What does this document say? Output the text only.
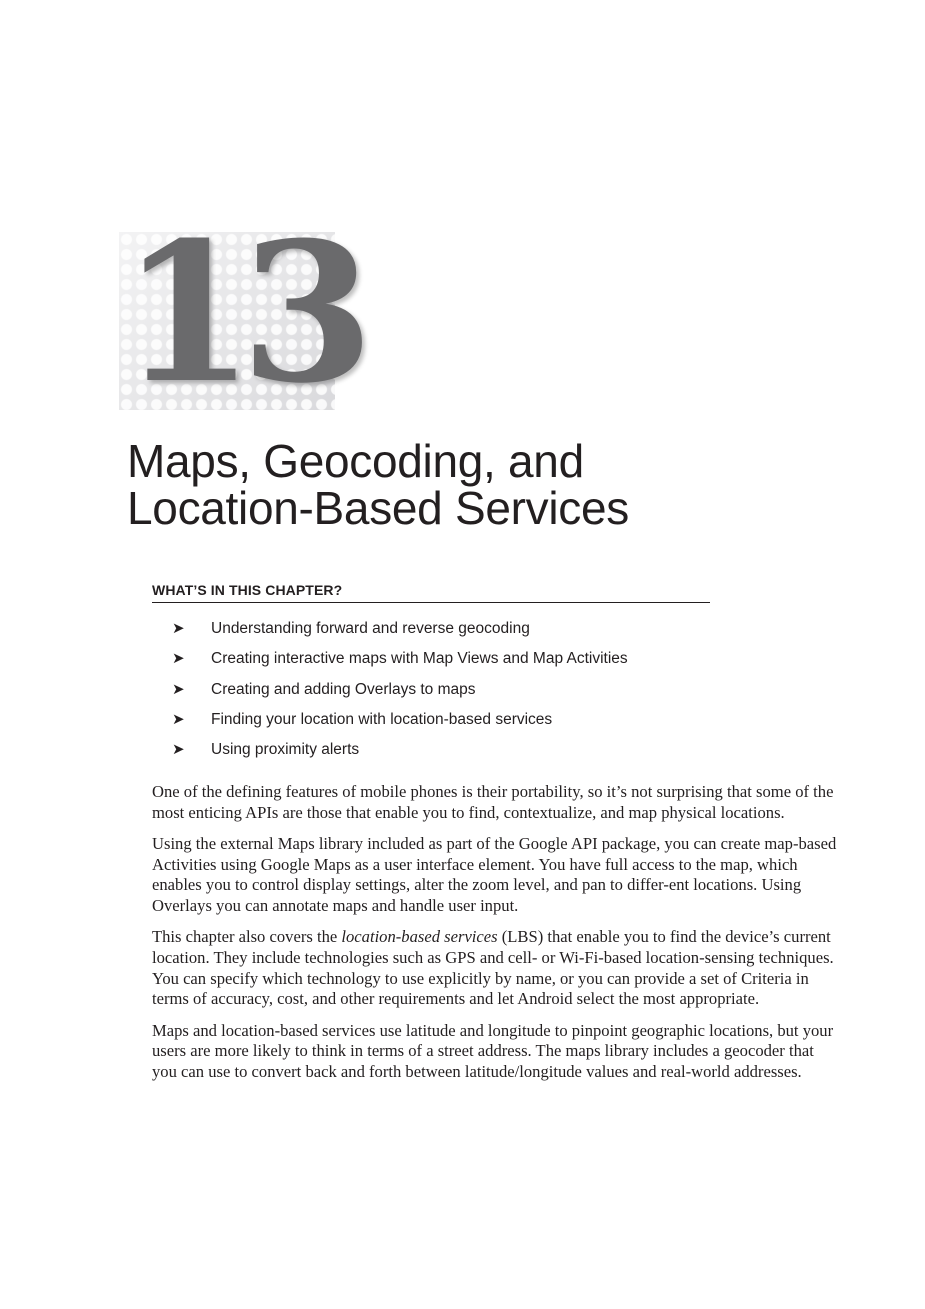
13
Maps, Geocoding, and
Location-Based Services
WHAT’S IN THIS CHAPTER?
➤	Understanding forward and reverse geocoding
➤	Creating interactive maps with Map Views and Map Activities
➤	Creating and adding Overlays to maps
➤	Finding your location with location-based services
➤	Using proximity alerts

One of the defining features of mobile phones is their portability, so it’s not surprising that some of the most enticing APIs are those that enable you to find, contextualize, and map physical locations.

Using the external Maps library included as part of the Google API package, you can create map-based Activities using Google Maps as a user interface element. You have full access to the map, which enables you to control display settings, alter the zoom level, and pan to differ-ent locations. Using Overlays you can annotate maps and handle user input.

This chapter also covers the location-based services (LBS) that enable you to find the device’s current location. They include technologies such as GPS and cell- or Wi-Fi-based location-sensing techniques. You can specify which technology to use explicitly by name, or you can provide a set of Criteria in terms of accuracy, cost, and other requirements and let Android select the most appropriate.

Maps and location-based services use latitude and longitude to pinpoint geographic locations, but your users are more likely to think in terms of a street address. The maps library includes a geocoder that you can use to convert back and forth between latitude/longitude values and real-world addresses.
